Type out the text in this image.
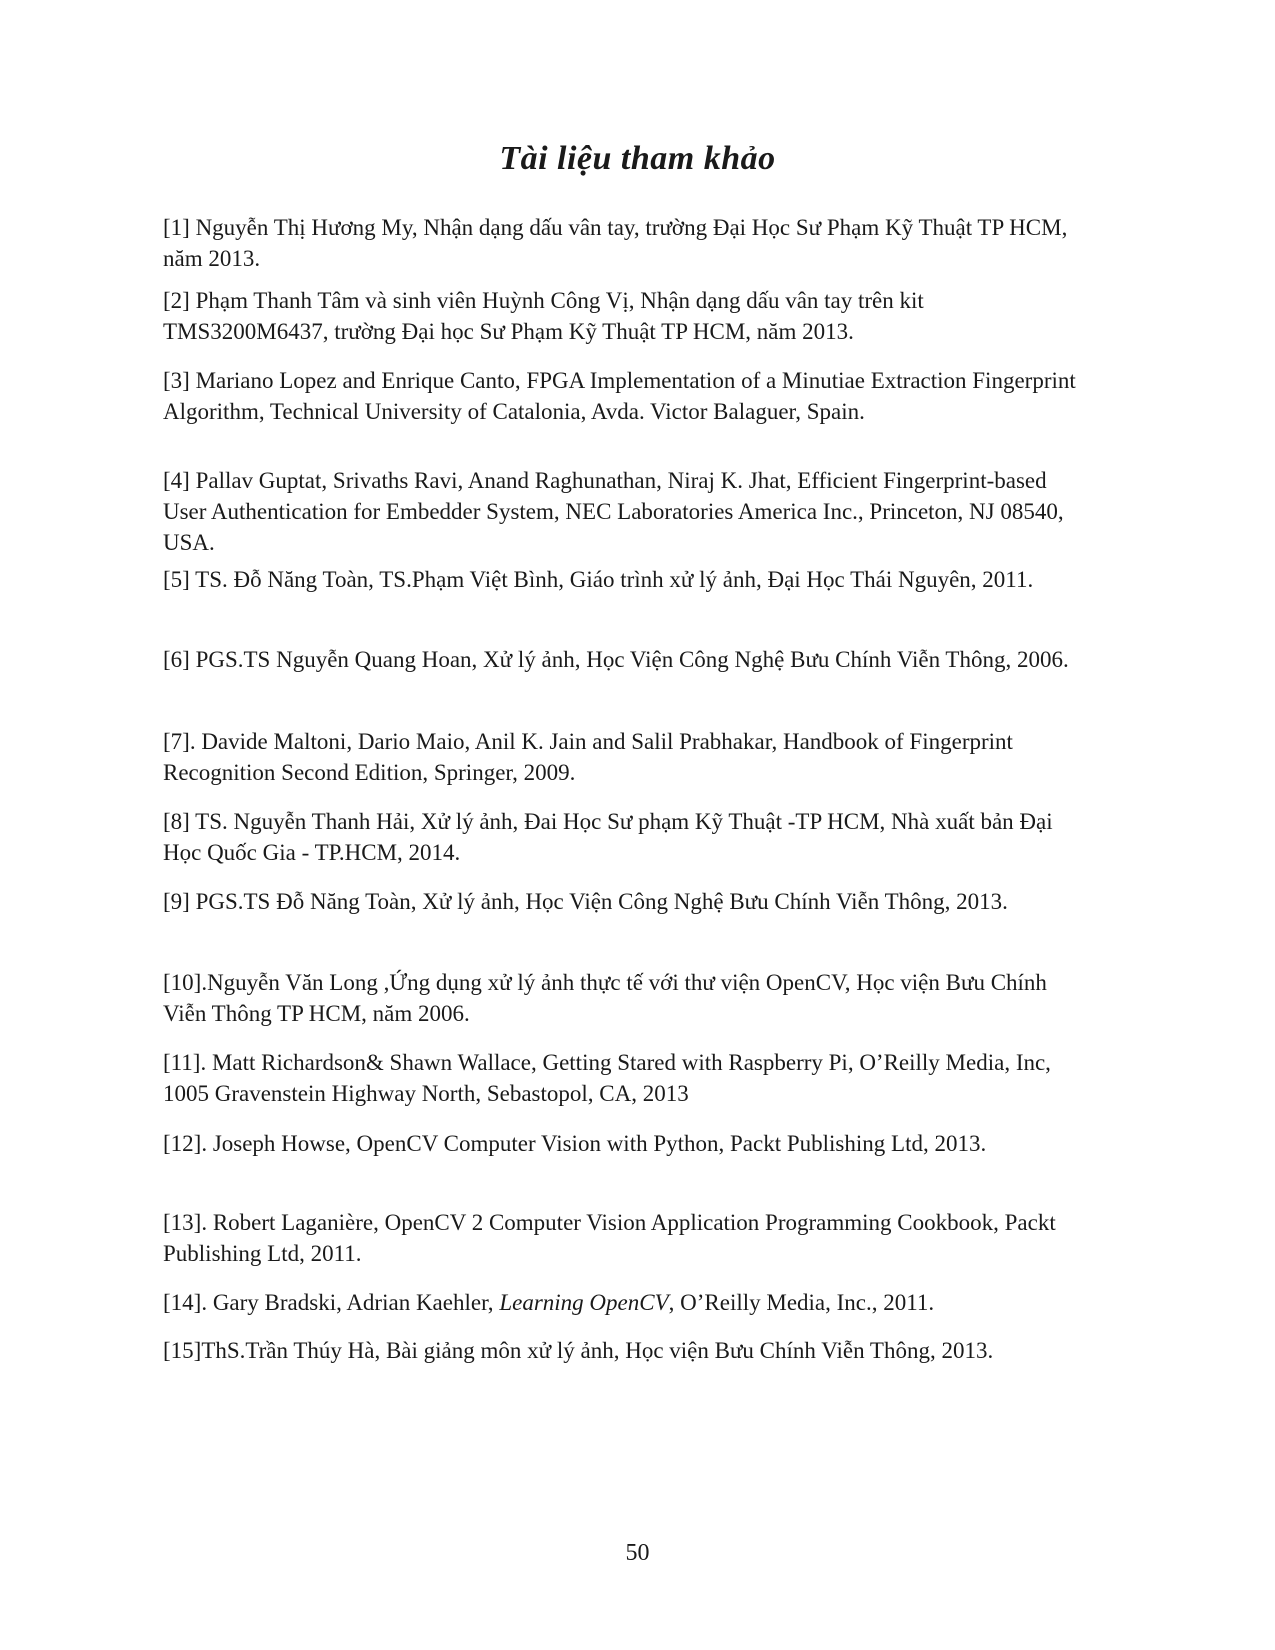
Tài liệu tham khảo

[1] Nguyễn Thị Hương My, Nhận dạng dấu vân tay, trường Đại Học Sư Phạm Kỹ Thuật TP HCM, năm 2013.

[2] Phạm Thanh Tâm và sinh viên Huỳnh Công Vị, Nhận dạng dấu vân tay trên kit TMS3200M6437, trường Đại học Sư Phạm Kỹ Thuật TP HCM, năm 2013.

[3] Mariano Lopez and Enrique Canto, FPGA Implementation of a Minutiae Extraction Fingerprint Algorithm, Technical University of Catalonia, Avda. Victor Balaguer, Spain.

[4] Pallav Guptat, Srivaths Ravi, Anand Raghunathan, Niraj K. Jhat, Efficient Fingerprint-based User Authentication for Embedder System, NEC Laboratories America Inc., Princeton, NJ 08540, USA.

[5] TS. Đỗ Năng Toàn, TS.Phạm Việt Bình, Giáo trình xử lý ảnh, Đại Học Thái Nguyên, 2011.

[6] PGS.TS Nguyễn Quang Hoan, Xử lý ảnh, Học Viện Công Nghệ Bưu Chính Viễn Thông, 2006.

[7]. Davide Maltoni, Dario Maio, Anil K. Jain and Salil Prabhakar, Handbook of Fingerprint Recognition Second Edition, Springer, 2009.

[8] TS. Nguyễn Thanh Hải, Xử lý ảnh, Đai Học Sư phạm Kỹ Thuật -TP HCM, Nhà xuất bản Đại Học Quốc Gia - TP.HCM, 2014.

[9] PGS.TS Đỗ Năng Toàn, Xử lý ảnh, Học Viện Công Nghệ Bưu Chính Viễn Thông, 2013.

[10].Nguyễn Văn Long ,Ứng dụng xử lý ảnh thực tế với thư viện OpenCV, Học viện Bưu Chính Viễn Thông TP HCM, năm 2006.

[11]. Matt Richardson& Shawn Wallace, Getting Stared with Raspberry Pi, O’Reilly Media, Inc, 1005 Gravenstein Highway North, Sebastopol, CA, 2013

[12]. Joseph Howse, OpenCV Computer Vision with Python, Packt Publishing Ltd, 2013.

[13]. Robert Laganière, OpenCV 2 Computer Vision Application Programming Cookbook, Packt Publishing Ltd, 2011.

[14]. Gary Bradski, Adrian Kaehler, Learning OpenCV, O’Reilly Media, Inc., 2011.

[15]ThS.Trần Thúy Hà, Bài giảng môn xử lý ảnh, Học viện Bưu Chính Viễn Thông, 2013.

50
